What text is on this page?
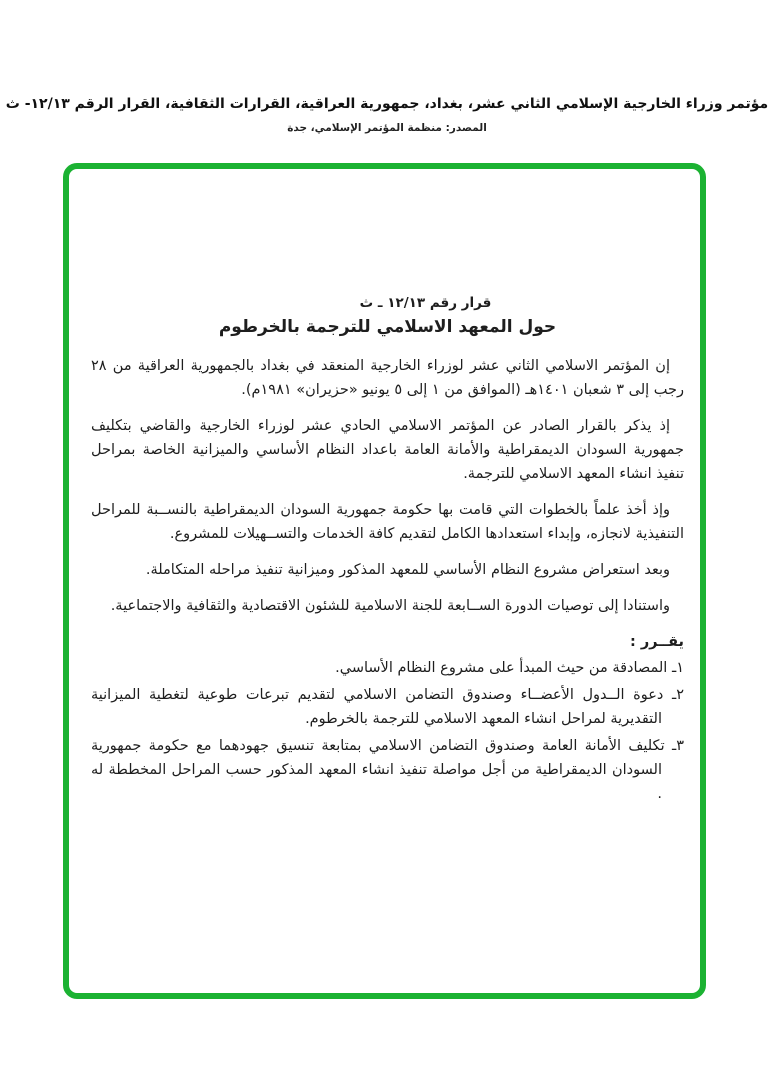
مؤتمر وزراء الخارجية الإسلامي الثاني عشر، بغداد، جمهورية العراقية، القرارات الثقافية، القرار الرقم ١٢/١٣- ث
المصدر: منظمة المؤتمر الإسلامي، جدة
قرار رقم ١٢/١٣ ـ ث
حول المعهد الاسلامي للترجمة بالخرطوم

إن المؤتمر الاسلامي الثاني عشر لوزراء الخارجية المنعقد في بغداد بالجمهورية العراقية من ٢٨ رجب إلى ٣ شعبان ١٤٠١هـ (الموافق من ١ إلى ٥ يونيو «حزيران» ١٩٨١م).

إذ يذكر بالقرار الصادر عن المؤتمر الاسلامي الحادي عشر لوزراء الخارجية والقاضي بتكليف جمهورية السودان الديمقراطية والأمانة العامة باعداد النظام الأساسي والميزانية الخاصة بمراحل تنفيذ انشاء المعهد الاسلامي للترجمة.

وإذ أخذ علماً بالخطوات التي قامت بها حكومة جمهورية السودان الديمقراطية بالنســبة للمراحل التنفيذية لانجازه، وإبداء استعدادها الكامل لتقديم كافة الخدمات والتســهيلات للمشروع.

وبعد استعراض مشروع النظام الأساسي للمعهد المذكور وميزانية تنفيذ مراحله المتكاملة.

واستنادا إلى توصيات الدورة الســابعة للجنة الاسلامية للشئون الاقتصادية والثقافية والاجتماعية.

يقــرر :
١ـ المصادقة من حيث المبدأ على مشروع النظام الأساسي.
٢ـ دعوة الــدول الأعضــاء وصندوق التضامن الاسلامي لتقديم تبرعات طوعية لتغطية الميزانية التقديرية لمراحل انشاء المعهد الاسلامي للترجمة بالخرطوم.
٣ـ تكليف الأمانة العامة وصندوق التضامن الاسلامي بمتابعة تنسيق جهودهما مع حكومة جمهورية السودان الديمقراطية من أجل مواصلة تنفيذ انشاء المعهد المذكور حسب المراحل المخططة له .
